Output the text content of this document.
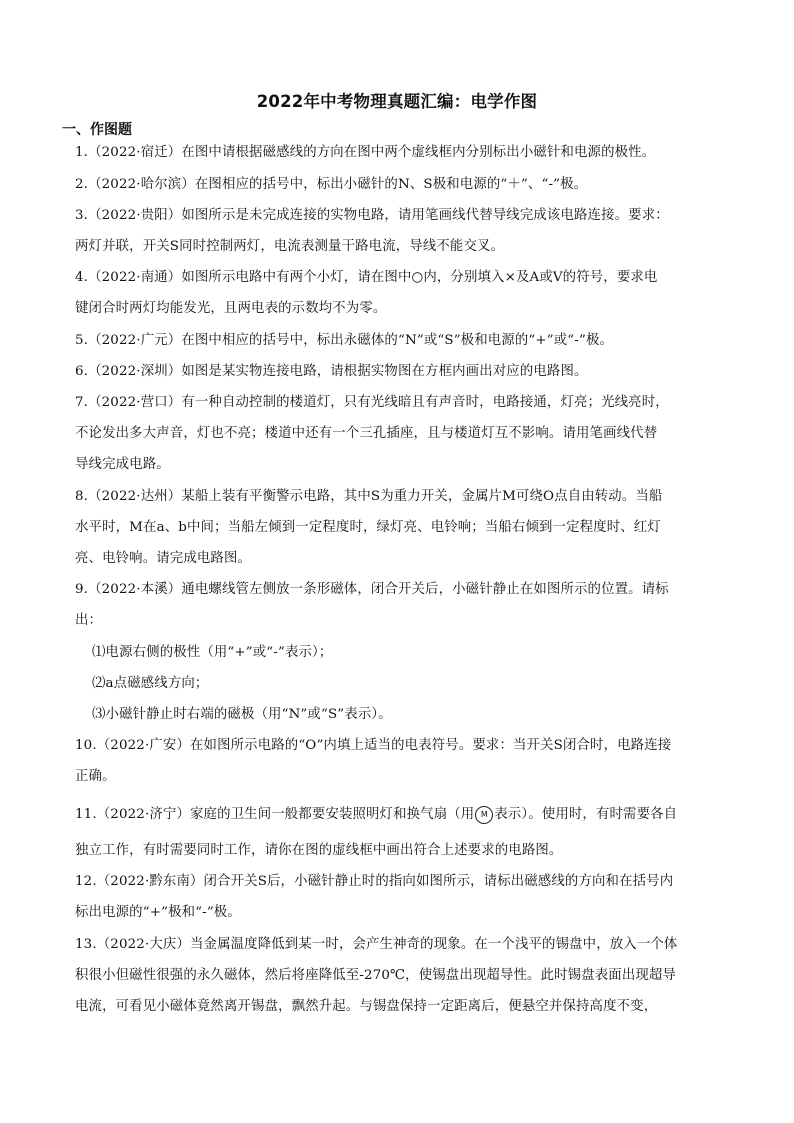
2022年中考物理真题汇编：电学作图
一、作图题
1.（2022·宿迁）在图中请根据磁感线的方向在图中两个虚线框内分别标出小磁针和电源的极性。
2.（2022·哈尔滨）在图相应的括号中，标出小磁针的N、S极和电源的“＋”、“-”极。
3.（2022·贵阳）如图所示是未完成连接的实物电路，请用笔画线代替导线完成该电路连接。要求：
两灯并联，开关S同时控制两灯，电流表测量干路电流，导线不能交叉。
4.（2022·南通）如图所示电路中有两个小灯，请在图中○内，分别填入×及A或V的符号，要求电
键闭合时两灯均能发光，且两电表的示数均不为零。
5.（2022·广元）在图中相应的括号中，标出永磁体的“N”或“S”极和电源的“+”或“-”极。
6.（2022·深圳）如图是某实物连接电路，请根据实物图在方框内画出对应的电路图。
7.（2022·营口）有一种自动控制的楼道灯，只有光线暗且有声音时，电路接通，灯亮；光线亮时，
不论发出多大声音，灯也不亮；楼道中还有一个三孔插座，且与楼道灯互不影响。请用笔画线代替
导线完成电路。
8.（2022·达州）某船上装有平衡警示电路，其中S为重力开关，金属片M可绕O点自由转动。当船
水平时，M在a、b中间；当船左倾到一定程度时，绿灯亮、电铃响；当船右倾到一定程度时、红灯
亮、电铃响。请完成电路图。
9.（2022·本溪）通电螺线管左侧放一条形磁体，闭合开关后，小磁针静止在如图所示的位置。请标
出：
⑴电源右侧的极性（用“+”或“-”表示）；
⑵a点磁感线方向；
⑶小磁针静止时右端的磁极（用“N”或“S”表示）。
10.（2022·广安）在如图所示电路的“O”内填上适当的电表符号。要求：当开关S闭合时，电路连接
正确。
11.（2022·济宁）家庭的卫生间一般都要安装照明灯和换气扇（用 M 表示）。使用时，有时需要各自
独立工作，有时需要同时工作，请你在图的虚线框中画出符合上述要求的电路图。
12.（2022·黔东南）闭合开关S后，小磁针静止时的指向如图所示，请标出磁感线的方向和在括号内
标出电源的“+”极和“-”极。
13.（2022·大庆）当金属温度降低到某一时，会产生神奇的现象。在一个浅平的锡盘中，放入一个体
积很小但磁性很强的永久磁体，然后将座降低至-270℃，使锡盘出现超导性。此时锡盘表面出现超导
电流，可看见小磁体竟然离开锡盘，飘然升起。与锡盘保持一定距离后，便悬空并保持高度不变，
